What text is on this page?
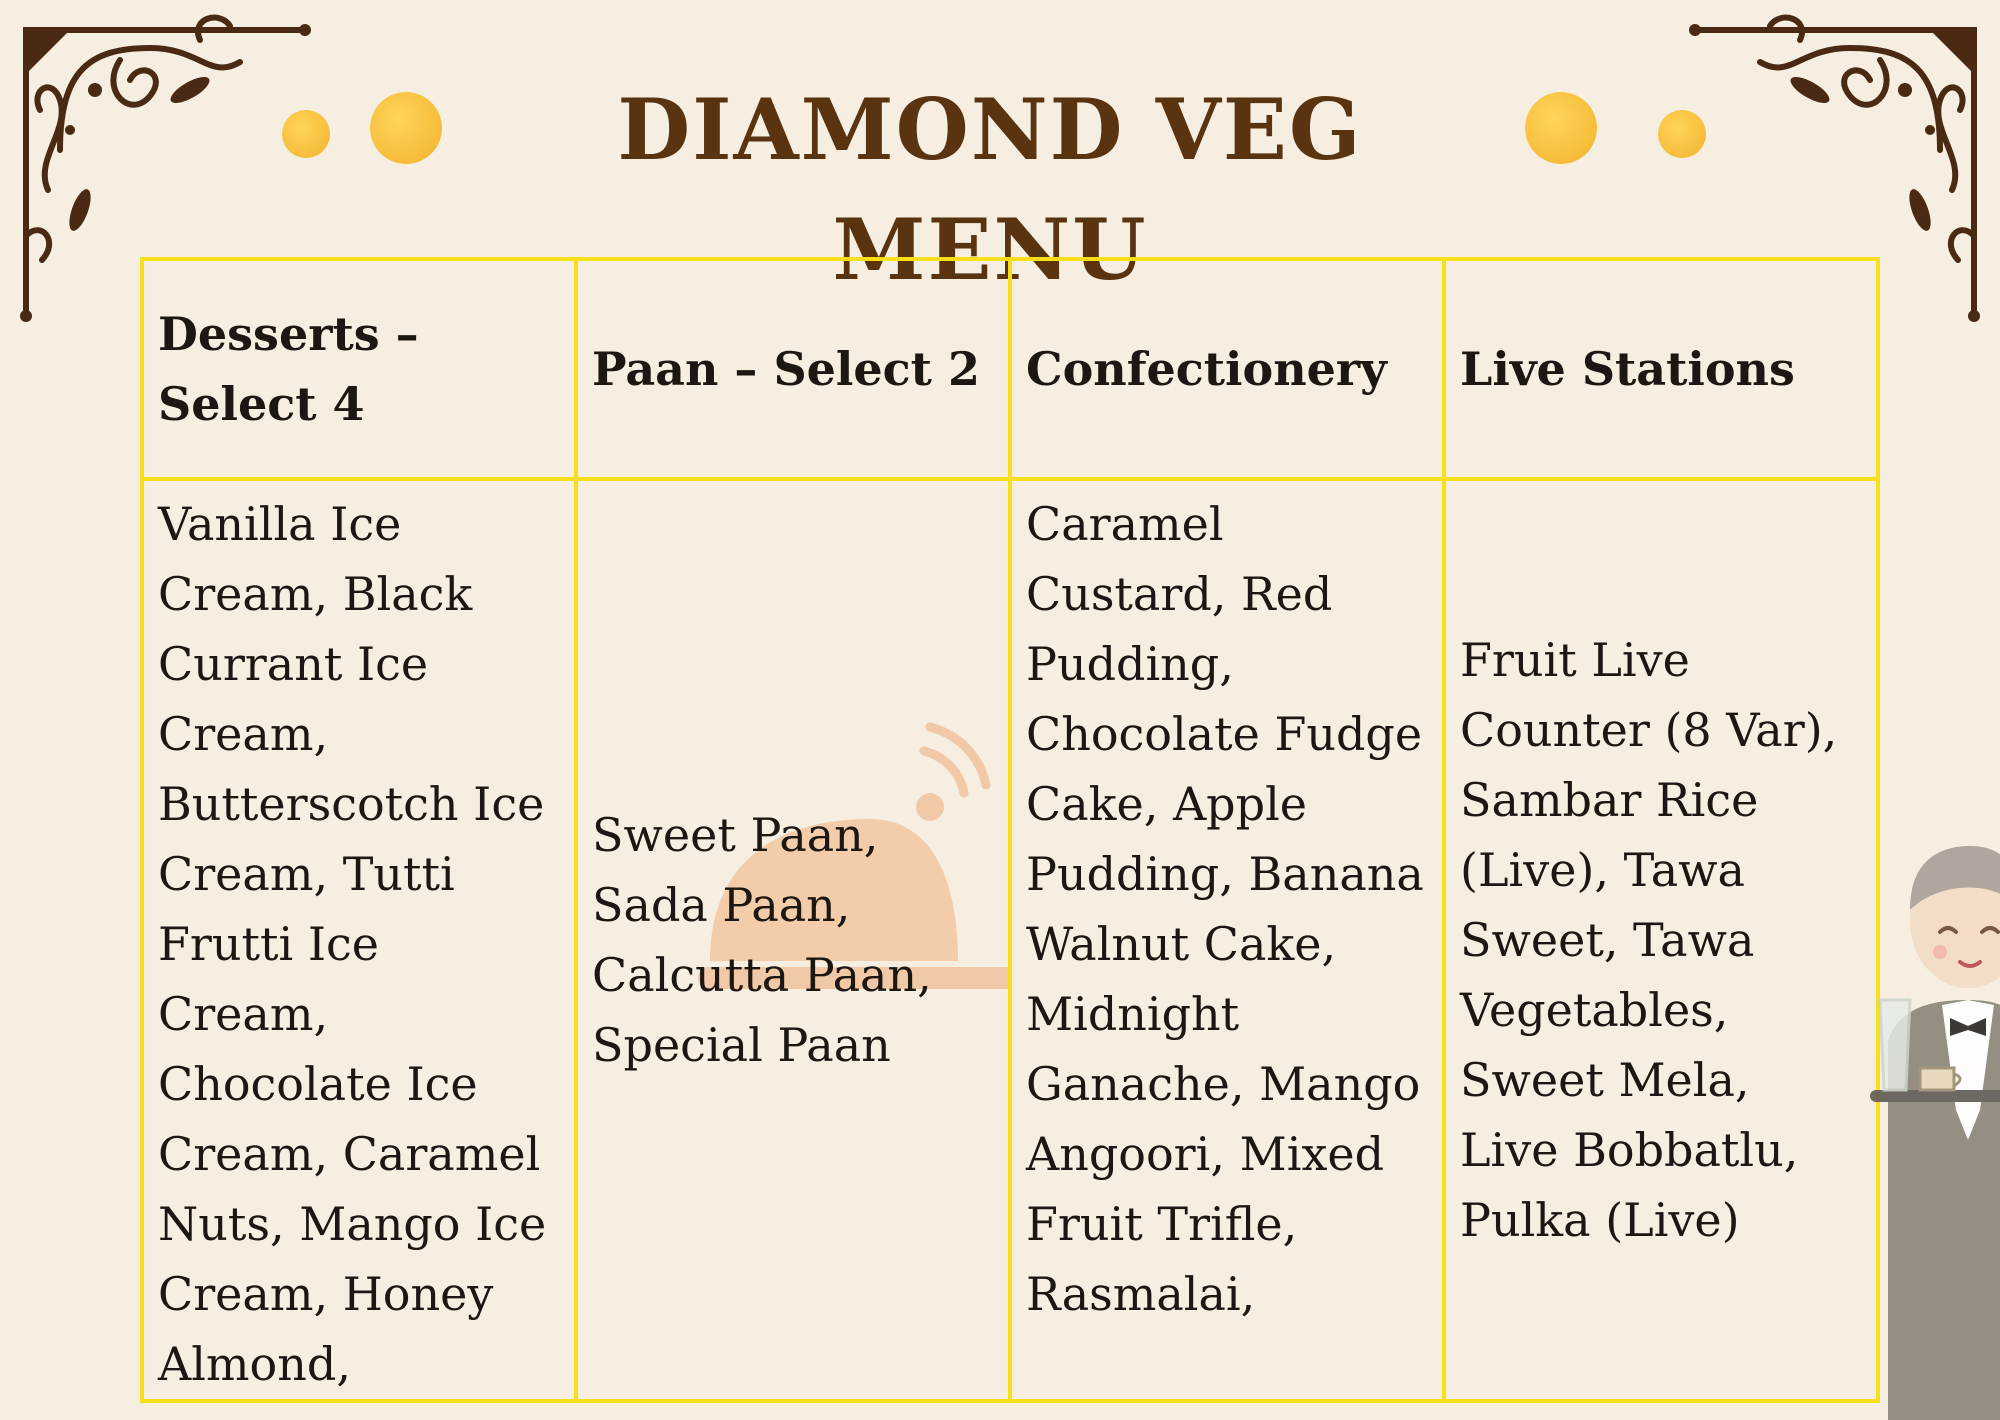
DIAMOND VEG MENU
Desserts – Select 4	Paan – Select 2	Confectionery	Live Stations

Vanilla Ice Cream, Black Currant Ice Cream, Butterscotch Ice Cream, Tutti Frutti Ice Cream, Chocolate Ice Cream, Caramel Nuts, Mango Ice Cream, Honey Almond,	Sweet Paan, Sada Paan, Calcutta Paan, Special Paan	Caramel Custard, Red Pudding, Chocolate Fudge Cake, Apple Pudding, Banana Walnut Cake, Midnight Ganache, Mango Angoori, Mixed Fruit Trifle, Rasmalai,	Fruit Live Counter (8 Var), Sambar Rice (Live), Tawa Sweet, Tawa Vegetables, Sweet Mela, Live Bobbatlu, Pulka (Live)
